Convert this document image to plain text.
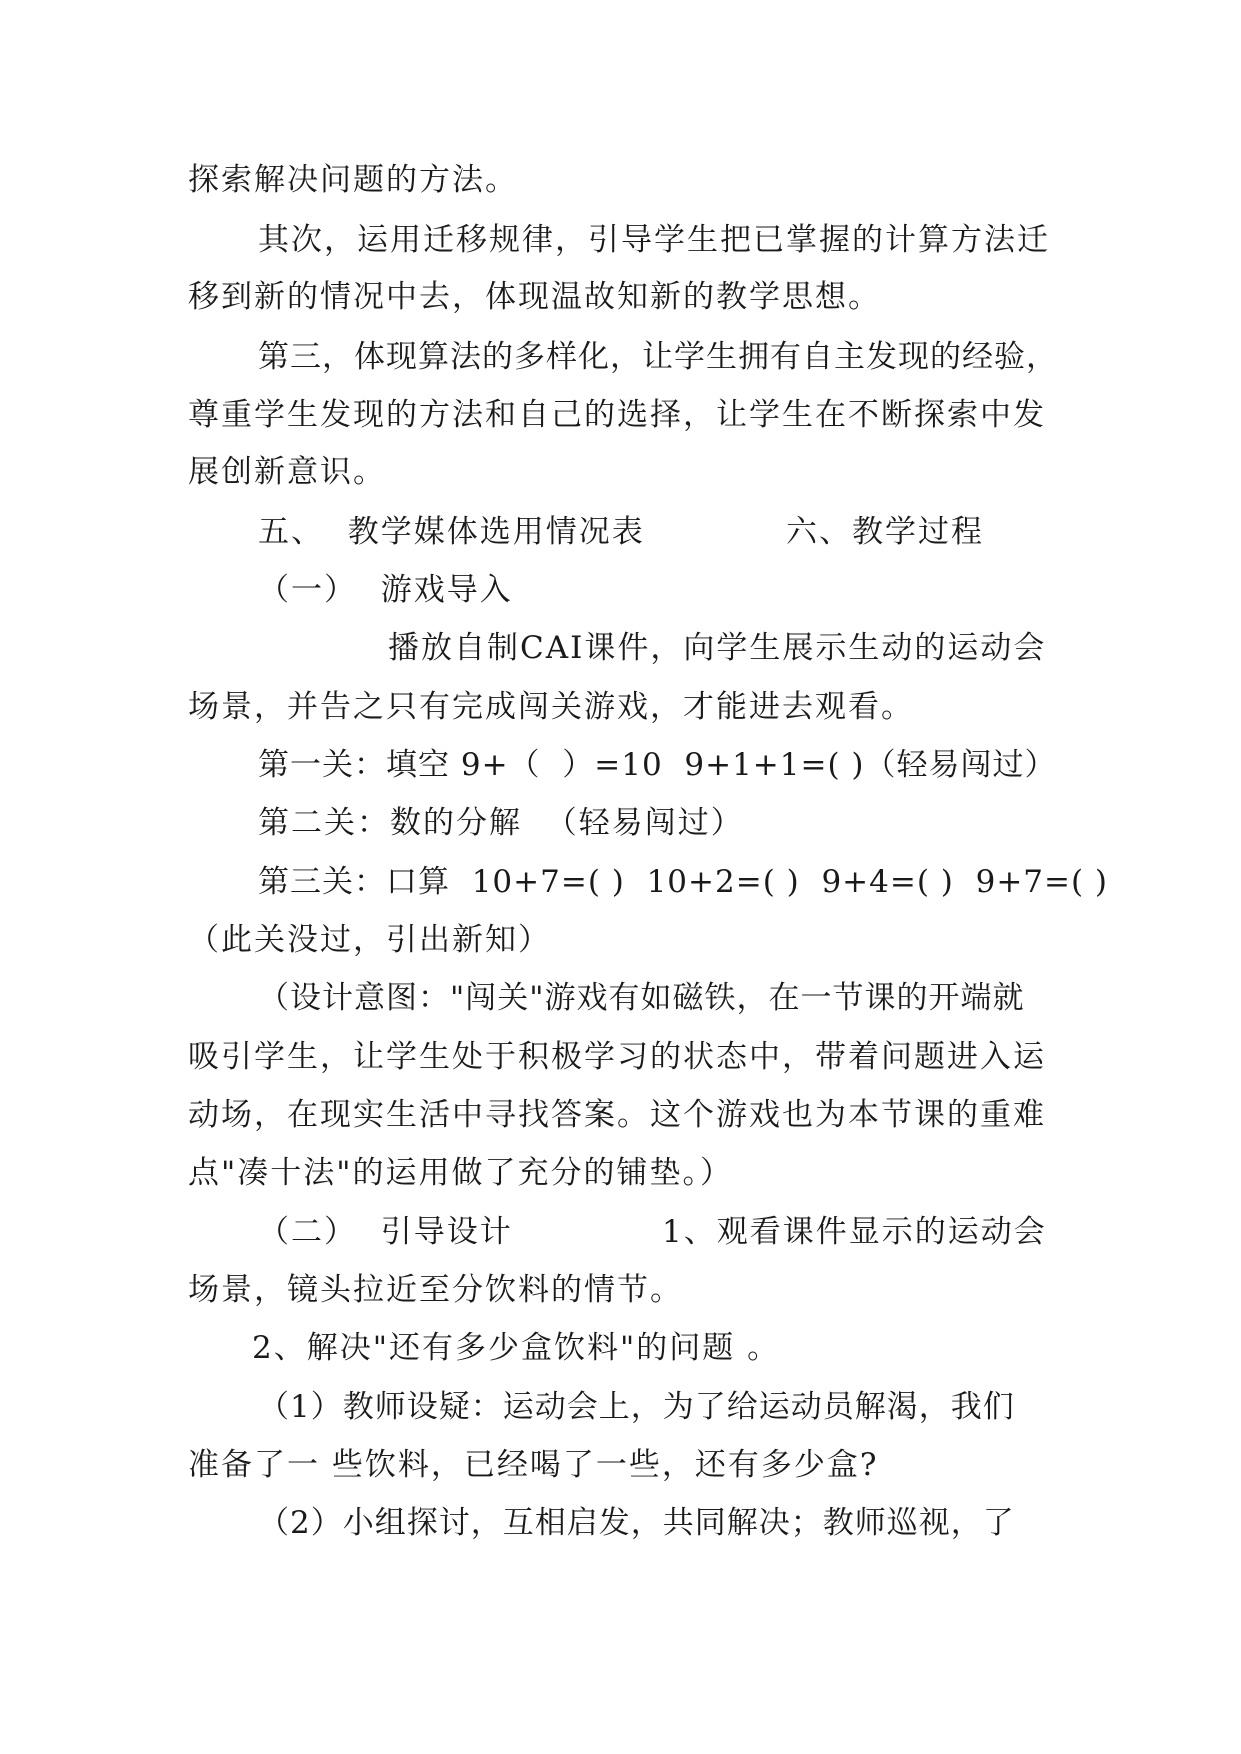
探索解决问题的方法。
其次，运用迁移规律，引导学生把已掌握的计算方法迁
移到新的情况中去，体现温故知新的教学思想。
第三，体现算法的多样化，让学生拥有自主发现的经验，
尊重学生发现的方法和自己的选择，让学生在不断探索中发
展创新意识。
五、  教学媒体选用情况表	六、教学过程
（一）  游戏导入
播放自制CAI课件，向学生展示生动的运动会
场景，并告之只有完成闯关游戏，才能进去观看。
第一关：填空 9+（  ）=10  9+1+1=( )（轻易闯过）
第二关：数的分解  （轻易闯过）
第三关：口算  10+7=( )  10+2=( )  9+4=( )  9+7=( )
（此关没过，引出新知）
（设计意图："闯关"游戏有如磁铁，在一节课的开端就
吸引学生，让学生处于积极学习的状态中，带着问题进入运
动场，在现实生活中寻找答案。这个游戏也为本节课的重难
点"凑十法"的运用做了充分的铺垫。）
（二）  引导设计	1、观看课件显示的运动会
场景，镜头拉近至分饮料的情节。
2、解决"还有多少盒饮料"的问题 。
（1）教师设疑：运动会上，为了给运动员解渴，我们
准备了一 些饮料，已经喝了一些，还有多少盒?
（2）小组探讨，互相启发，共同解决；教师巡视，了
